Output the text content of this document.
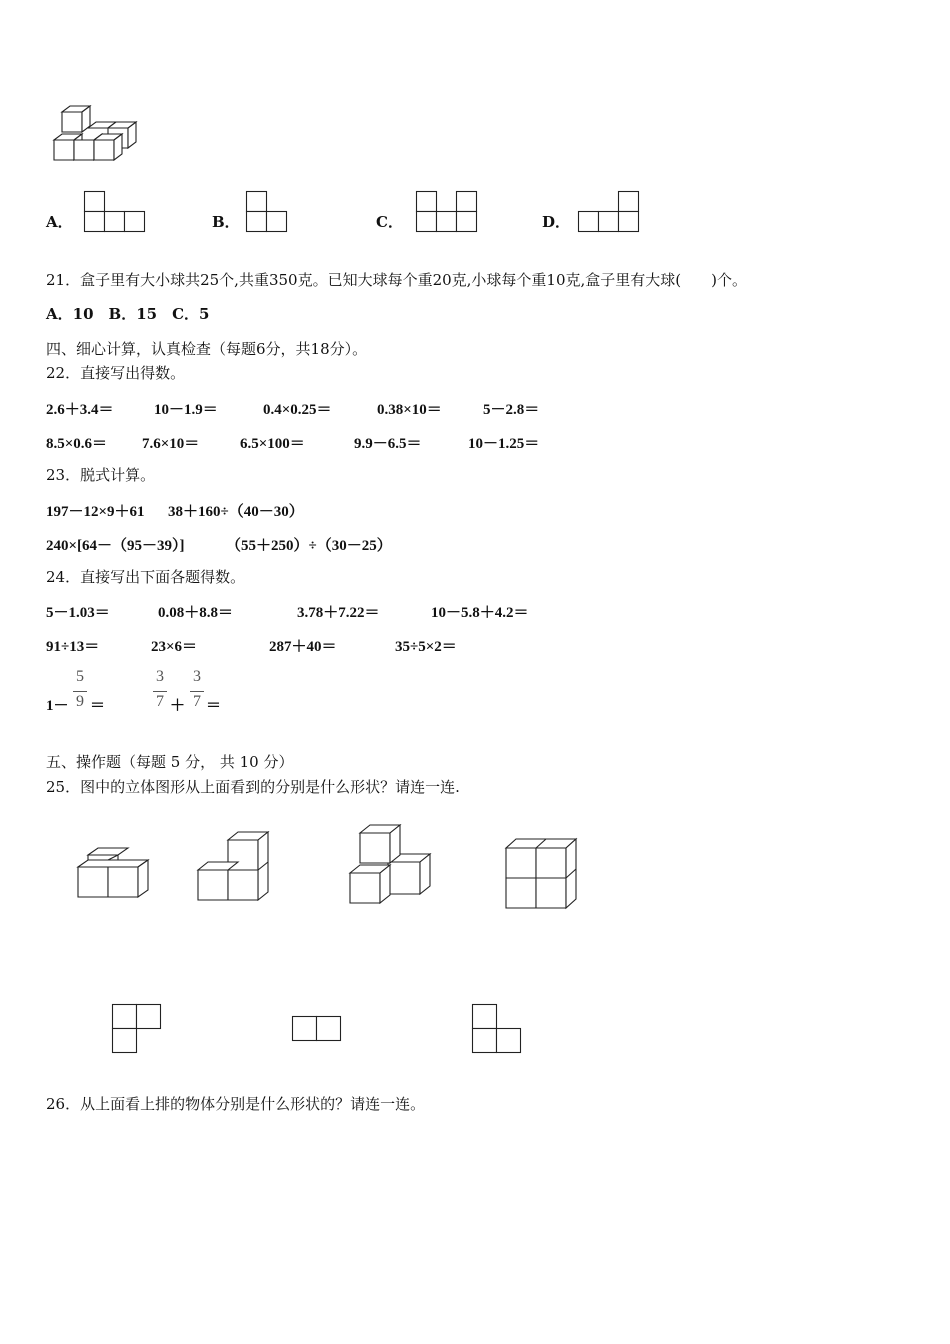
A．	B．	C．	D．
21．盒子里有大小球共25个,共重350克。已知大球每个重20克,小球每个重10克,盒子里有大球(　　)个。
A．10　B．15　C．5
四、细心计算，认真检查（每题6分，共18分）。
22．直接写出得数。
2.6＋3.4＝	10－1.9＝	0.4×0.25＝	0.38×10＝	5－2.8＝
8.5×0.6＝ 7.6×10＝	6.5×100＝	9.9－6.5＝	10－1.25＝
23．脱式计算。
197－12×9＋61 38＋160÷（40－30）
240×[64－（95－39）]	（55＋250）÷（30－25）
24．直接写出下面各题得数。
5－1.03＝	0.08＋8.8＝	3.78＋7.22＝	10－5.8＋4.2＝
91÷13＝	23×6＝	287＋40＝	35÷5×2＝
1－
5
9 ＝
3
7 ＋
3
7 ＝
五、操作题（每题 5 分， 共 10 分）
25．图中的立体图形从上面看到的分别是什么形状？请连一连.
26．从上面看上排的物体分别是什么形状的？请连一连。
